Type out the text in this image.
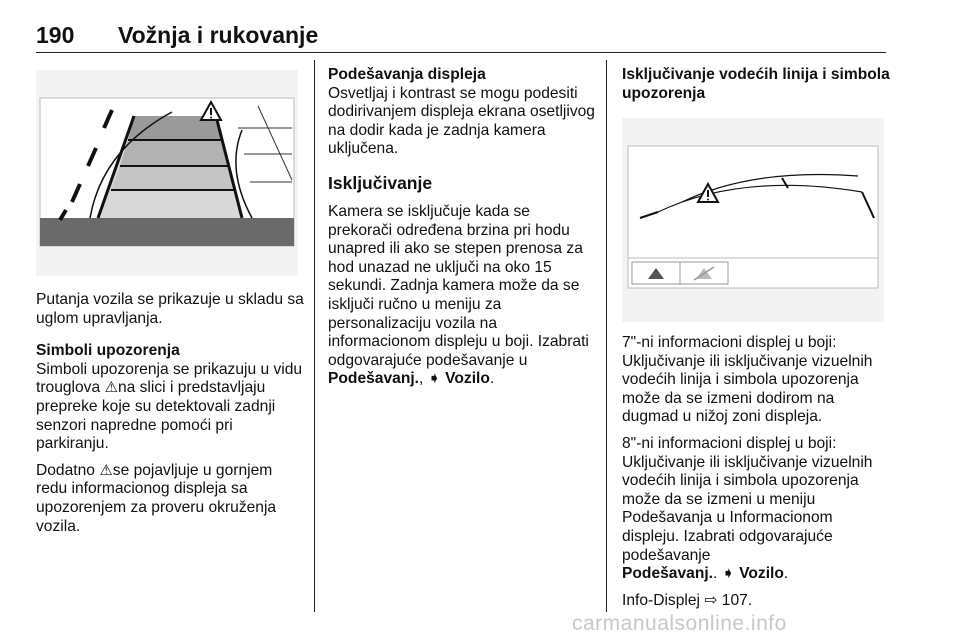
190 Vožnja i rukovanje

Putanja vozila se prikazuje u skladu sa uglom upravljanja.

Simboli upozorenja
Simboli upozorenja se prikazuju u vidu trouglova ⚠na slici i predstavljaju prepreke koje su detektovali zadnji senzori napredne pomoći pri parkiranju.

Dodatno ⚠se pojavljuje u gornjem redu informacionog displeja sa upozorenjem za proveru okruženja vozila.

Podešavanja displeja
Osvetljaj i kontrast se mogu podesiti dodirivanjem displeja ekrana osetljivog na dodir kada je zadnja kamera uključena.

Isključivanje

Kamera se isključuje kada se prekorači određena brzina pri hodu unapred ili ako se stepen prenosa za hod unazad ne uključi na oko 15 sekundi. Zadnja kamera može da se isključi ručno u meniju za personalizaciju vozila na informacionom displeju u boji. Izabrati odgovarajuće podešavanje u
Podešavanj., ➧ Vozilo.

Isključivanje vodećih linija i simbola upozorenja

7"-ni informacioni displej u boji: Uključivanje ili isključivanje vizuelnih vodećih linija i simbola upozorenja može da se izmeni dodirom na dugmad u nižoj zoni displeja.

8"-ni informacioni displej u boji: Uključivanje ili isključivanje vizuelnih vodećih linija i simbola upozorenja može da se izmeni u meniju Podešavanja u Informacionom displeju. Izabrati odgovarajuće podešavanje
Podešavanj.. ➧ Vozilo.

Info-Displej ⇨ 107.

carmanualsonline.info
